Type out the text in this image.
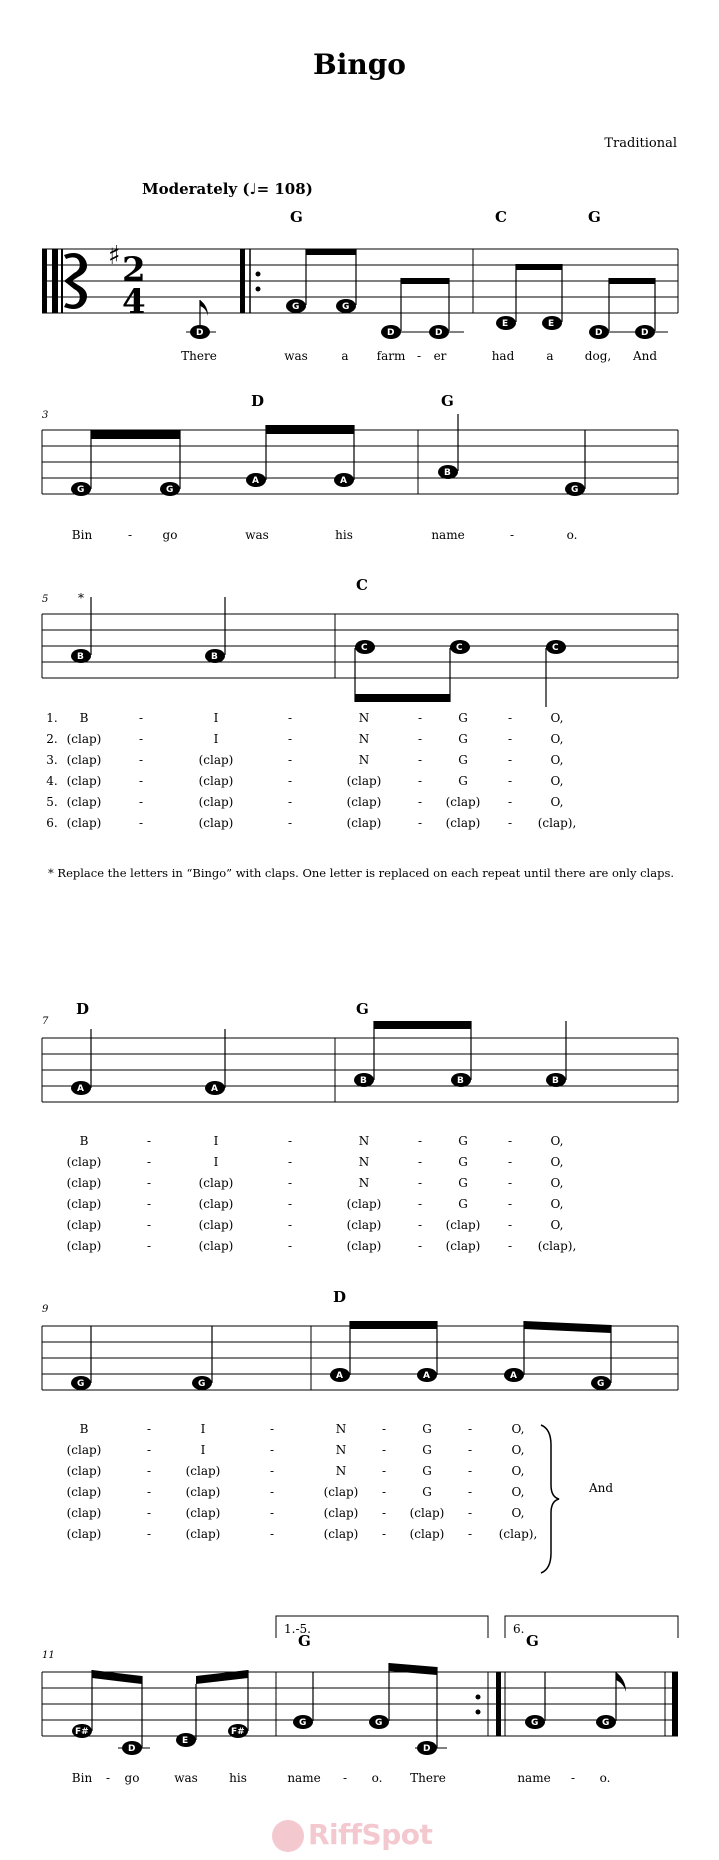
Bingo
Traditional
Moderately (♩= 108)
♯ 2
4
D
G	G
D	D
E	E
D	D
G	C	G
There	was	a farm - er	had	a	dog, And
3
G	G
A	A
B
G
D	G
Bin	-	go	was	his	name	-	o.
5 *
B	B
C	C	C
C
1. B	-	I	-	N	-	G	-	O,
2. (clap)	-	I	-	N	-	G	-	O,
3. (clap)	-	(clap)	-	N	-	G	-	O,
4. (clap)	-	(clap)	-	(clap)	-	G	-	O,
5. (clap)	-	(clap)	-	(clap)	- (clap) -	O,
6. (clap)	-	(clap)	-	(clap)	- (clap) - (clap),
7
A	A
B	B	B
D	G
B	-	I	-	N	-	G	-	O,
(clap)	-	I	-	N	-	G	-	O,
(clap)	-	(clap)	-	N	-	G	-	O,
(clap)	-	(clap)	-	(clap)	-	G	-	O,
(clap)	-	(clap)	-	(clap)	- (clap) -	O,
(clap)	-	(clap)	-	(clap)	- (clap) - (clap),
9
G	G
A	A	A
G
D
B	-	I	-	N	-	G	-	O,
(clap)	-	I	-	N	-	G	-	O,
(clap)	-	(clap)	-	N	-	G	-	O,
(clap)	-	(clap)	-	(clap) -	G	-	O,
(clap)	-	(clap)	-	(clap) - (clap) -	O,
(clap)	-	(clap)	-	(clap) - (clap) - (clap),
And
1.-5.	6.
11
F#
D
E
F#
G	G
D
G	G
G	G
Bin - go	was	his	name - o. There	name - o.
* Replace the letters in “Bingo” with claps. One letter is replaced on each repeat until there are only claps.
RiffSpot
